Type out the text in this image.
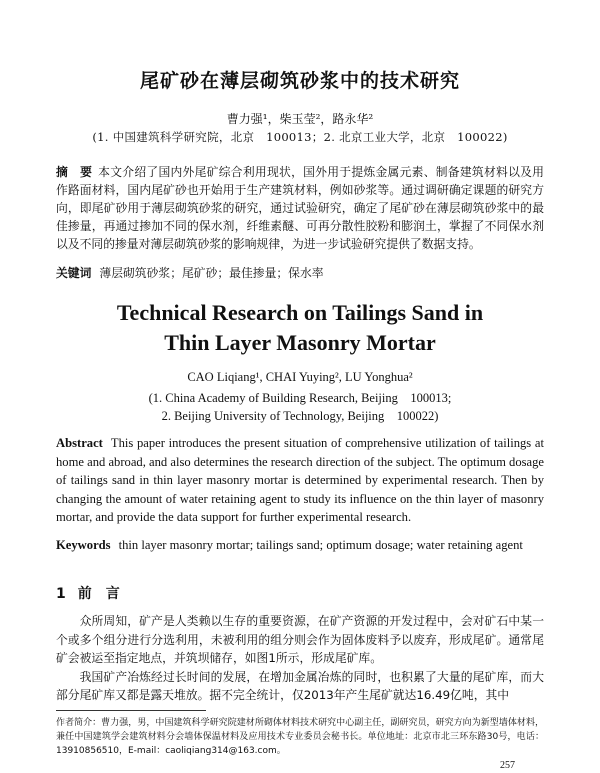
尾矿砂在薄层砌筑砂浆中的技术研究
曹力强¹，柴玉莹²，路永华²
(1. 中国建筑科学研究院，北京　100013；2. 北京工业大学，北京　100022)
摘　要 本文介绍了国内外尾矿综合利用现状，国外用于提炼金属元素、制备建筑材料以及用作路面材料，国内尾矿砂也开始用于生产建筑材料，例如砂浆等。通过调研确定课题的研究方向，即尾矿砂用于薄层砌筑砂浆的研究，通过试验研究，确定了尾矿砂在薄层砌筑砂浆中的最佳掺量，再通过掺加不同的保水剂，纤维素醚、可再分散性胶粉和膨润土，掌握了不同保水剂以及不同的掺量对薄层砌筑砂浆的影响规律，为进一步试验研究提供了数据支持。
关键词 薄层砌筑砂浆；尾矿砂；最佳掺量；保水率
Technical Research on Tailings Sand in
Thin Layer Masonry Mortar
CAO Liqiang¹, CHAI Yuying², LU Yonghua²
(1. China Academy of Building Research, Beijing　100013;
2. Beijing University of Technology, Beijing　100022)
Abstract This paper introduces the present situation of comprehensive utilization of tailings at home and abroad, and also determines the research direction of the subject. The optimum dosage of tailings sand in thin layer masonry mortar is determined by experimental research. Then by changing the amount of water retaining agent to study its influence on the thin layer of masonry mortar, and provide the data support for further experimental research.
Keywords thin layer masonry mortar; tailings sand; optimum dosage; water retaining agent
1 前　言

众所周知，矿产是人类赖以生存的重要资源，在矿产资源的开发过程中，会对矿石中某一个或多个组分进行分选利用，未被利用的组分则会作为固体废料予以废弃，形成尾矿。通常尾矿会被运至指定地点，并筑坝储存，如图1所示，形成尾矿库。

我国矿产冶炼经过长时间的发展，在增加金属冶炼的同时，也积累了大量的尾矿库，而大部分尾矿库又都是露天堆放。据不完全统计，仅2013年产生尾矿就达16.49亿吨，其中

作者简介：曹力强，男，中国建筑科学研究院建材所砌体材料技术研究中心副主任，副研究员，研究方向为新型墙体材料，兼任中国建筑学会建筑材料分会墙体保温材料及应用技术专业委员会秘书长。单位地址：北京市北三环东路30号，电话：13910856510，E-mail：caoliqiang314@163.com。
257
